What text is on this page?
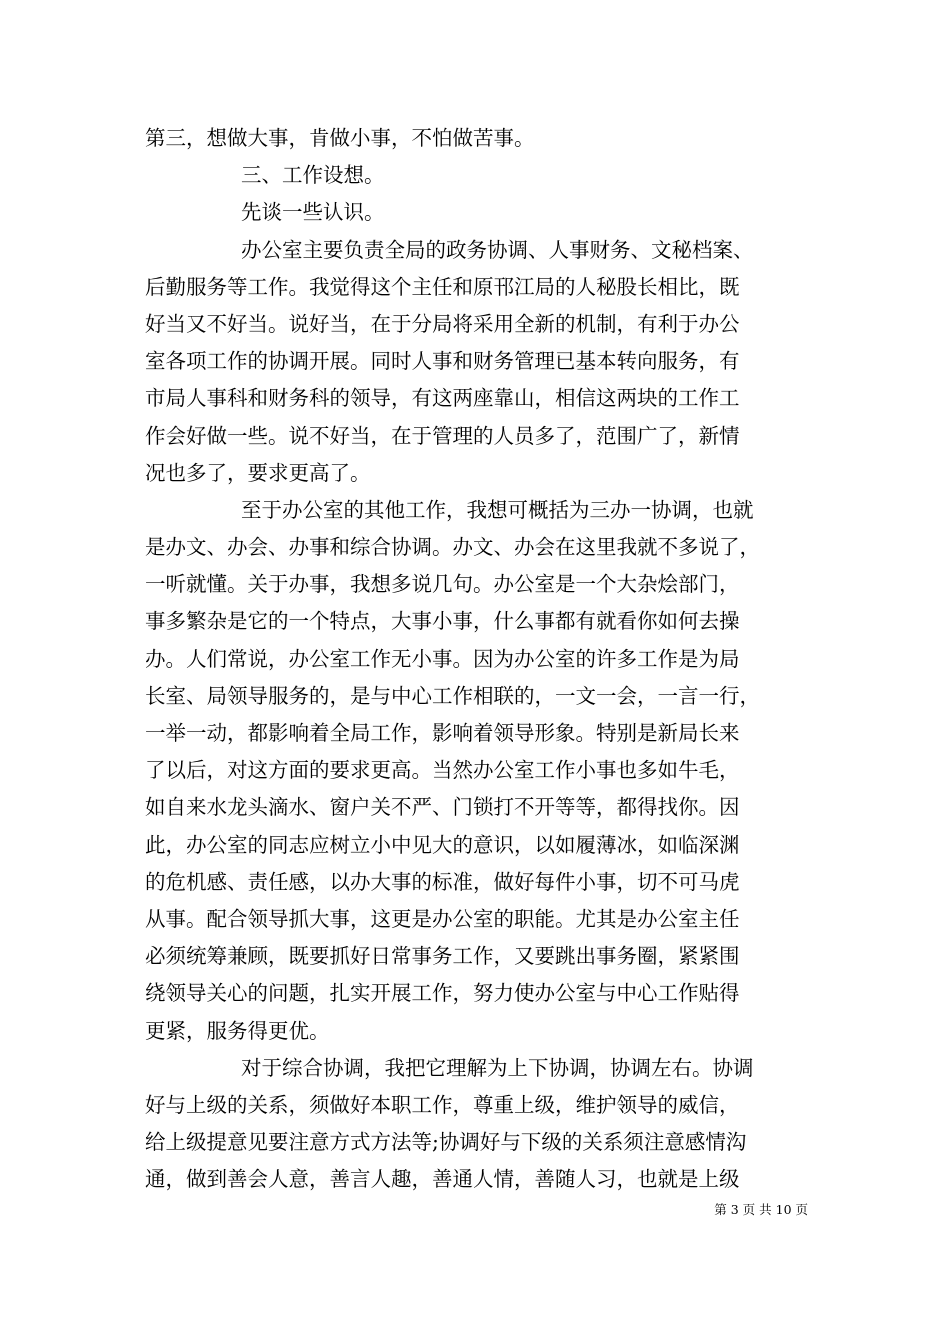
第三，想做大事，肯做小事，不怕做苦事。
三、工作设想。
先谈一些认识。
办公室主要负责全局的政务协调、人事财务、文秘档案、
后勤服务等工作。我觉得这个主任和原邗江局的人秘股长相比，既
好当又不好当。说好当，在于分局将采用全新的机制，有利于办公
室各项工作的协调开展。同时人事和财务管理已基本转向服务，有
市局人事科和财务科的领导，有这两座靠山，相信这两块的工作工
作会好做一些。说不好当，在于管理的人员多了，范围广了，新情
况也多了，要求更高了。
至于办公室的其他工作，我想可概括为三办一协调，也就
是办文、办会、办事和综合协调。办文、办会在这里我就不多说了，
一听就懂。关于办事，我想多说几句。办公室是一个大杂烩部门，
事多繁杂是它的一个特点，大事小事，什么事都有就看你如何去操
办。人们常说，办公室工作无小事。因为办公室的许多工作是为局
长室、局领导服务的，是与中心工作相联的，一文一会，一言一行，
一举一动，都影响着全局工作，影响着领导形象。特别是新局长来
了以后，对这方面的要求更高。当然办公室工作小事也多如牛毛，
如自来水龙头滴水、窗户关不严、门锁打不开等等，都得找你。因
此，办公室的同志应树立小中见大的意识，以如履薄冰，如临深渊
的危机感、责任感，以办大事的标准，做好每件小事，切不可马虎
从事。配合领导抓大事，这更是办公室的职能。尤其是办公室主任
必须统筹兼顾，既要抓好日常事务工作，又要跳出事务圈，紧紧围
绕领导关心的问题，扎实开展工作，努力使办公室与中心工作贴得
更紧，服务得更优。
对于综合协调，我把它理解为上下协调，协调左右。协调
好与上级的关系，须做好本职工作，尊重上级，维护领导的威信，
给上级提意见要注意方式方法等;协调好与下级的关系须注意感情沟
通，做到善会人意，善言人趣，善通人情，善随人习，也就是上级
第 3 页 共 10 页
